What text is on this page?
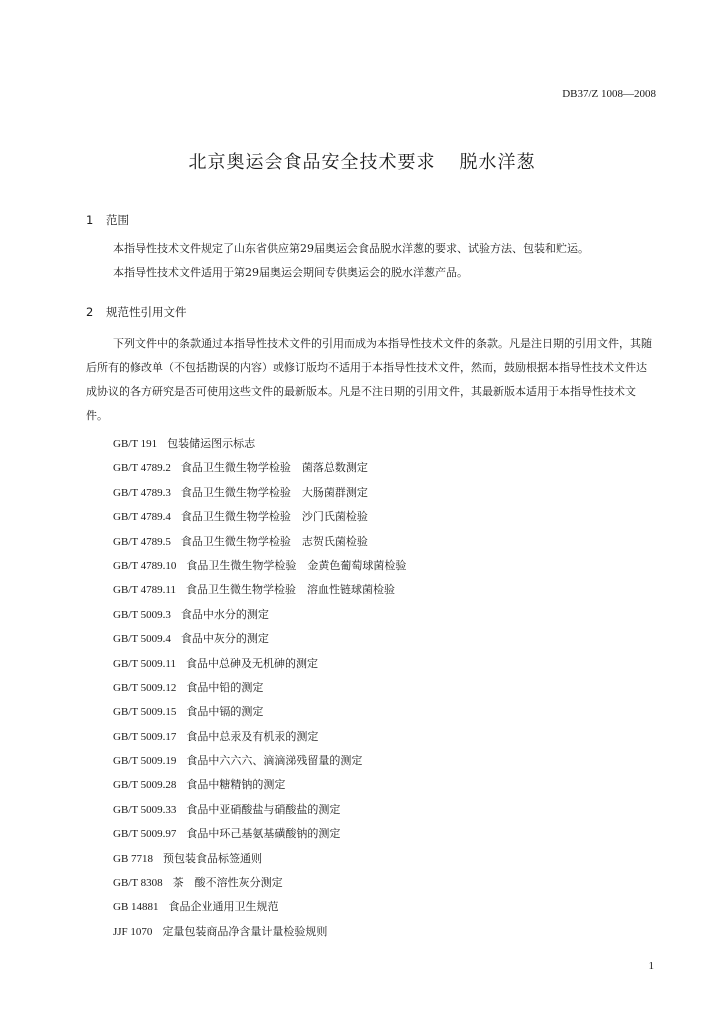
DB37/Z 1008—2008
北京奥运会食品安全技术要求 脱水洋葱
1 范围
本指导性技术文件规定了山东省供应第29届奥运会食品脱水洋葱的要求、试验方法、包装和贮运。
本指导性技术文件适用于第29届奥运会期间专供奥运会的脱水洋葱产品。
2 规范性引用文件
下列文件中的条款通过本指导性技术文件的引用而成为本指导性技术文件的条款。凡是注日期的引用文件，其随后所有的修改单（不包括勘误的内容）或修订版均不适用于本指导性技术文件，然而，鼓励根据本指导性技术文件达成协议的各方研究是否可使用这些文件的最新版本。凡是不注日期的引用文件，其最新版本适用于本指导性技术文件。
GB/T 191 包装储运图示标志
GB/T 4789.2 食品卫生微生物学检验　菌落总数测定
GB/T 4789.3 食品卫生微生物学检验　大肠菌群测定
GB/T 4789.4 食品卫生微生物学检验　沙门氏菌检验
GB/T 4789.5 食品卫生微生物学检验　志贺氏菌检验
GB/T 4789.10 食品卫生微生物学检验　金黄色葡萄球菌检验
GB/T 4789.11 食品卫生微生物学检验　溶血性链球菌检验
GB/T 5009.3 食品中水分的测定
GB/T 5009.4 食品中灰分的测定
GB/T 5009.11 食品中总砷及无机砷的测定
GB/T 5009.12 食品中铅的测定
GB/T 5009.15 食品中镉的测定
GB/T 5009.17 食品中总汞及有机汞的测定
GB/T 5009.19 食品中六六六、滴滴涕残留量的测定
GB/T 5009.28 食品中糖精钠的测定
GB/T 5009.33 食品中亚硝酸盐与硝酸盐的测定
GB/T 5009.97 食品中环己基氨基磺酸钠的测定
GB 7718 预包装食品标签通则
GB/T 8308 茶　酸不溶性灰分测定
GB 14881 食品企业通用卫生规范
JJF 1070 定量包装商品净含量计量检验规则
1
